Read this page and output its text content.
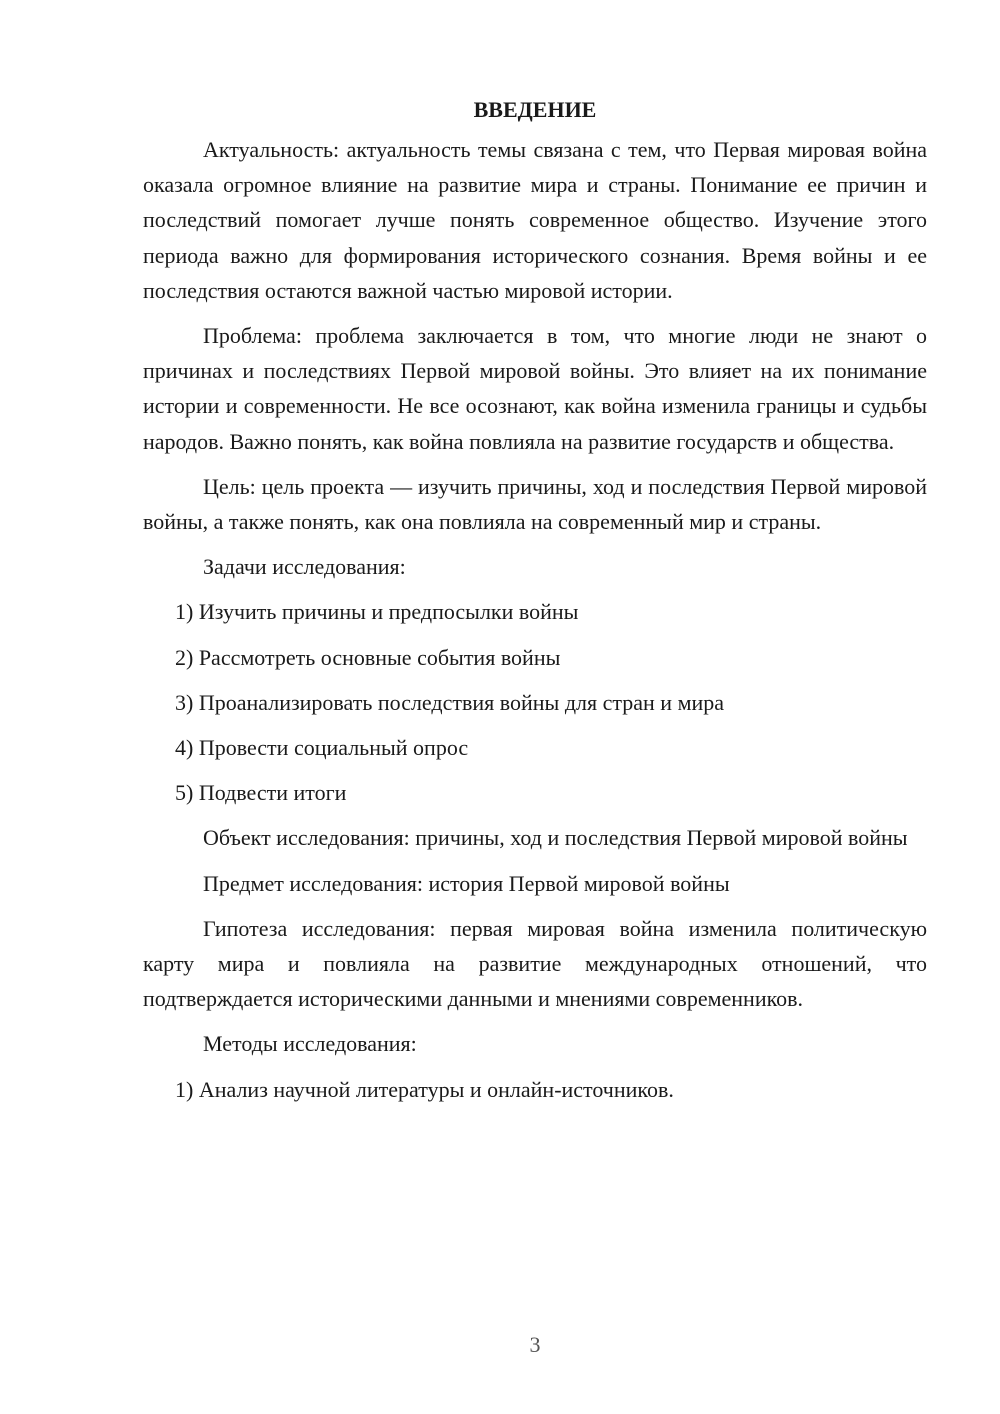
ВВЕДЕНИЕ

Актуальность: актуальность темы связана с тем, что Первая мировая война оказала огромное влияние на развитие мира и страны. Понимание ее причин и последствий помогает лучше понять современное общество. Изучение этого периода важно для формирования исторического сознания. Время войны и ее последствия остаются важной частью мировой истории.

Проблема: проблема заключается в том, что многие люди не знают о причинах и последствиях Первой мировой войны. Это влияет на их понимание истории и современности. Не все осознают, как война изменила границы и судьбы народов. Важно понять, как война повлияла на развитие государств и общества.

Цель: цель проекта — изучить причины, ход и последствия Первой мировой войны, а также понять, как она повлияла на современный мир и страны.

Задачи исследования:

1) Изучить причины и предпосылки войны

2) Рассмотреть основные события войны

3) Проанализировать последствия войны для стран и мира

4) Провести социальный опрос

5) Подвести итоги

Объект исследования: причины, ход и последствия Первой мировой войны

Предмет исследования: история Первой мировой войны

Гипотеза исследования: первая мировая война изменила политическую карту мира и повлияла на развитие международных отношений, что подтверждается историческими данными и мнениями современников.

Методы исследования:

1) Анализ научной литературы и онлайн-источников.

3
